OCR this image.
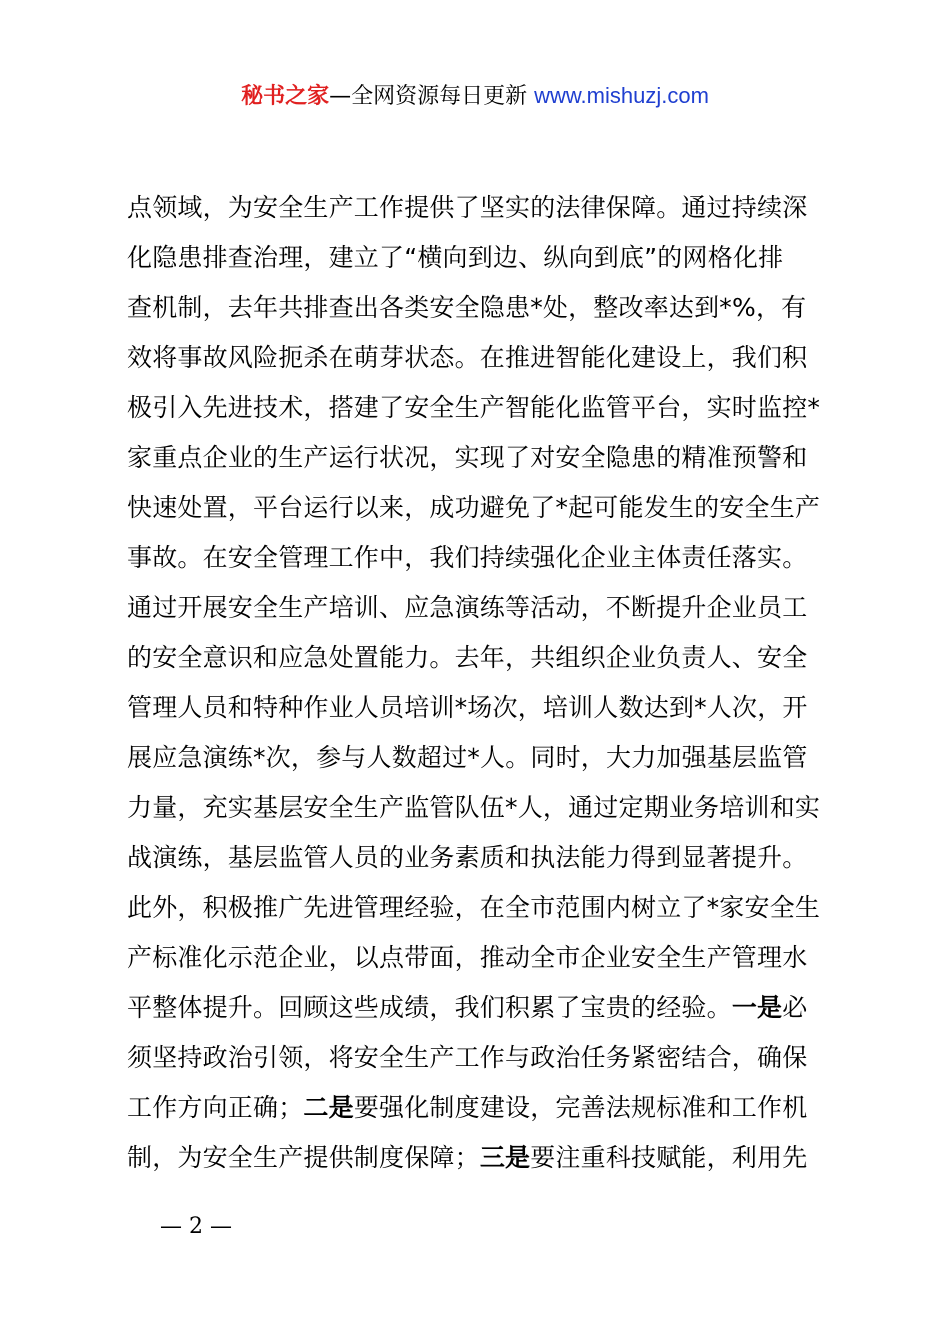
秘书之家—全网资源每日更新 www.mishuzj.com
点领域，为安全生产工作提供了坚实的法律保障。通过持续深
化隐患排查治理，建立了“横向到边、纵向到底”的网格化排
查机制，去年共排查出各类安全隐患*处，整改率达到*%，有
效将事故风险扼杀在萌芽状态。在推进智能化建设上，我们积
极引入先进技术，搭建了安全生产智能化监管平台，实时监控*
家重点企业的生产运行状况，实现了对安全隐患的精准预警和
快速处置，平台运行以来，成功避免了*起可能发生的安全生产
事故。在安全管理工作中，我们持续强化企业主体责任落实。
通过开展安全生产培训、应急演练等活动，不断提升企业员工
的安全意识和应急处置能力。去年，共组织企业负责人、安全
管理人员和特种作业人员培训*场次，培训人数达到*人次，开
展应急演练*次，参与人数超过*人。同时，大力加强基层监管
力量，充实基层安全生产监管队伍*人，通过定期业务培训和实
战演练，基层监管人员的业务素质和执法能力得到显著提升。
此外，积极推广先进管理经验，在全市范围内树立了*家安全生
产标准化示范企业，以点带面，推动全市企业安全生产管理水
平整体提升。回顾这些成绩，我们积累了宝贵的经验。一是必
须坚持政治引领，将安全生产工作与政治任务紧密结合，确保
工作方向正确；二是要强化制度建设，完善法规标准和工作机
制，为安全生产提供制度保障；三是要注重科技赋能，利用先
— 2 —
